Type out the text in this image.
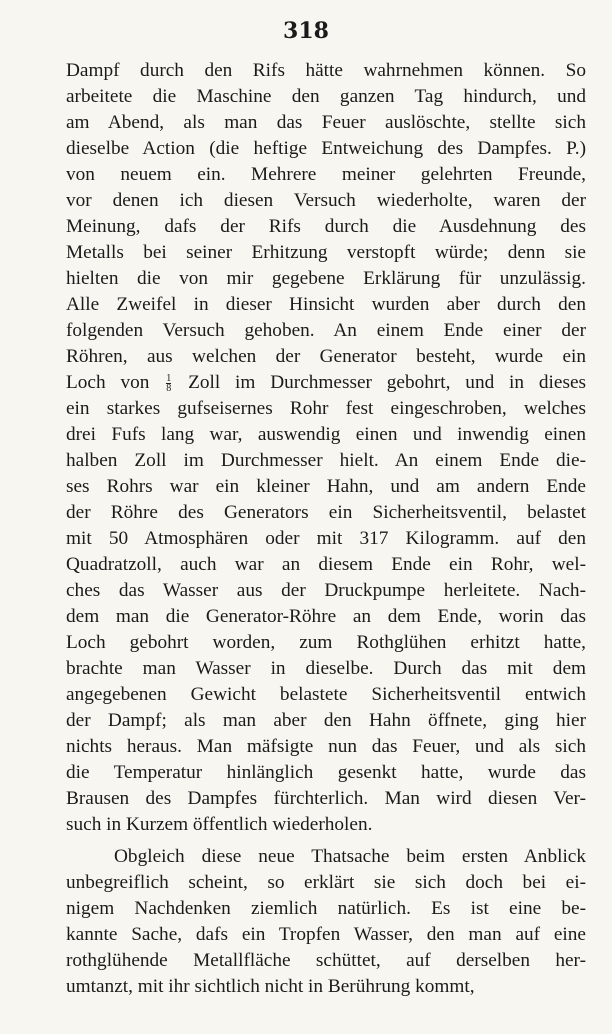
318
Dampf durch den Rifs hätte wahrnehmen können. So
arbeitete die Maschine den ganzen Tag hindurch, und
am Abend, als man das Feuer auslöschte, stellte sich
dieselbe Action (die heftige Entweichung des Dampfes. P.)
von neuem ein. Mehrere meiner gelehrten Freunde,
vor denen ich diesen Versuch wiederholte, waren der
Meinung, dafs der Rifs durch die Ausdehnung des
Metalls bei seiner Erhitzung verstopft würde; denn sie
hielten die von mir gegebene Erklärung für unzulässig.
Alle Zweifel in dieser Hinsicht wurden aber durch den
folgenden Versuch gehoben. An einem Ende einer der
Röhren, aus welchen der Generator besteht, wurde ein
Loch von $\frac{1}{8}$ Zoll im Durchmesser gebohrt, und in dieses
ein starkes gufseisernes Rohr fest eingeschroben, welches
drei Fufs lang war, auswendig einen und inwendig einen
halben Zoll im Durchmesser hielt. An einem Ende die-
ses Rohrs war ein kleiner Hahn, und am andern Ende
der Röhre des Generators ein Sicherheitsventil, belastet
mit 50 Atmosphären oder mit 317 Kilogramm. auf den
Quadratzoll, auch war an diesem Ende ein Rohr, wel-
ches das Wasser aus der Druckpumpe herleitete. Nach-
dem man die Generator-Röhre an dem Ende, worin das
Loch gebohrt worden, zum Rothglühen erhitzt hatte,
brachte man Wasser in dieselbe. Durch das mit dem
angegebenen Gewicht belastete Sicherheitsventil entwich
der Dampf; als man aber den Hahn öffnete, ging hier
nichts heraus. Man mäfsigte nun das Feuer, und als sich
die Temperatur hinlänglich gesenkt hatte, wurde das
Brausen des Dampfes fürchterlich. Man wird diesen Ver-
such in Kurzem öffentlich wiederholen.
Obgleich diese neue Thatsache beim ersten Anblick
unbegreiflich scheint, so erklärt sie sich doch bei ei-
nigem Nachdenken ziemlich natürlich. Es ist eine be-
kannte Sache, dafs ein Tropfen Wasser, den man auf eine
rothglühende Metallfläche schüttet, auf derselben her-
umtanzt, mit ihr sichtlich nicht in Berührung kommt,
